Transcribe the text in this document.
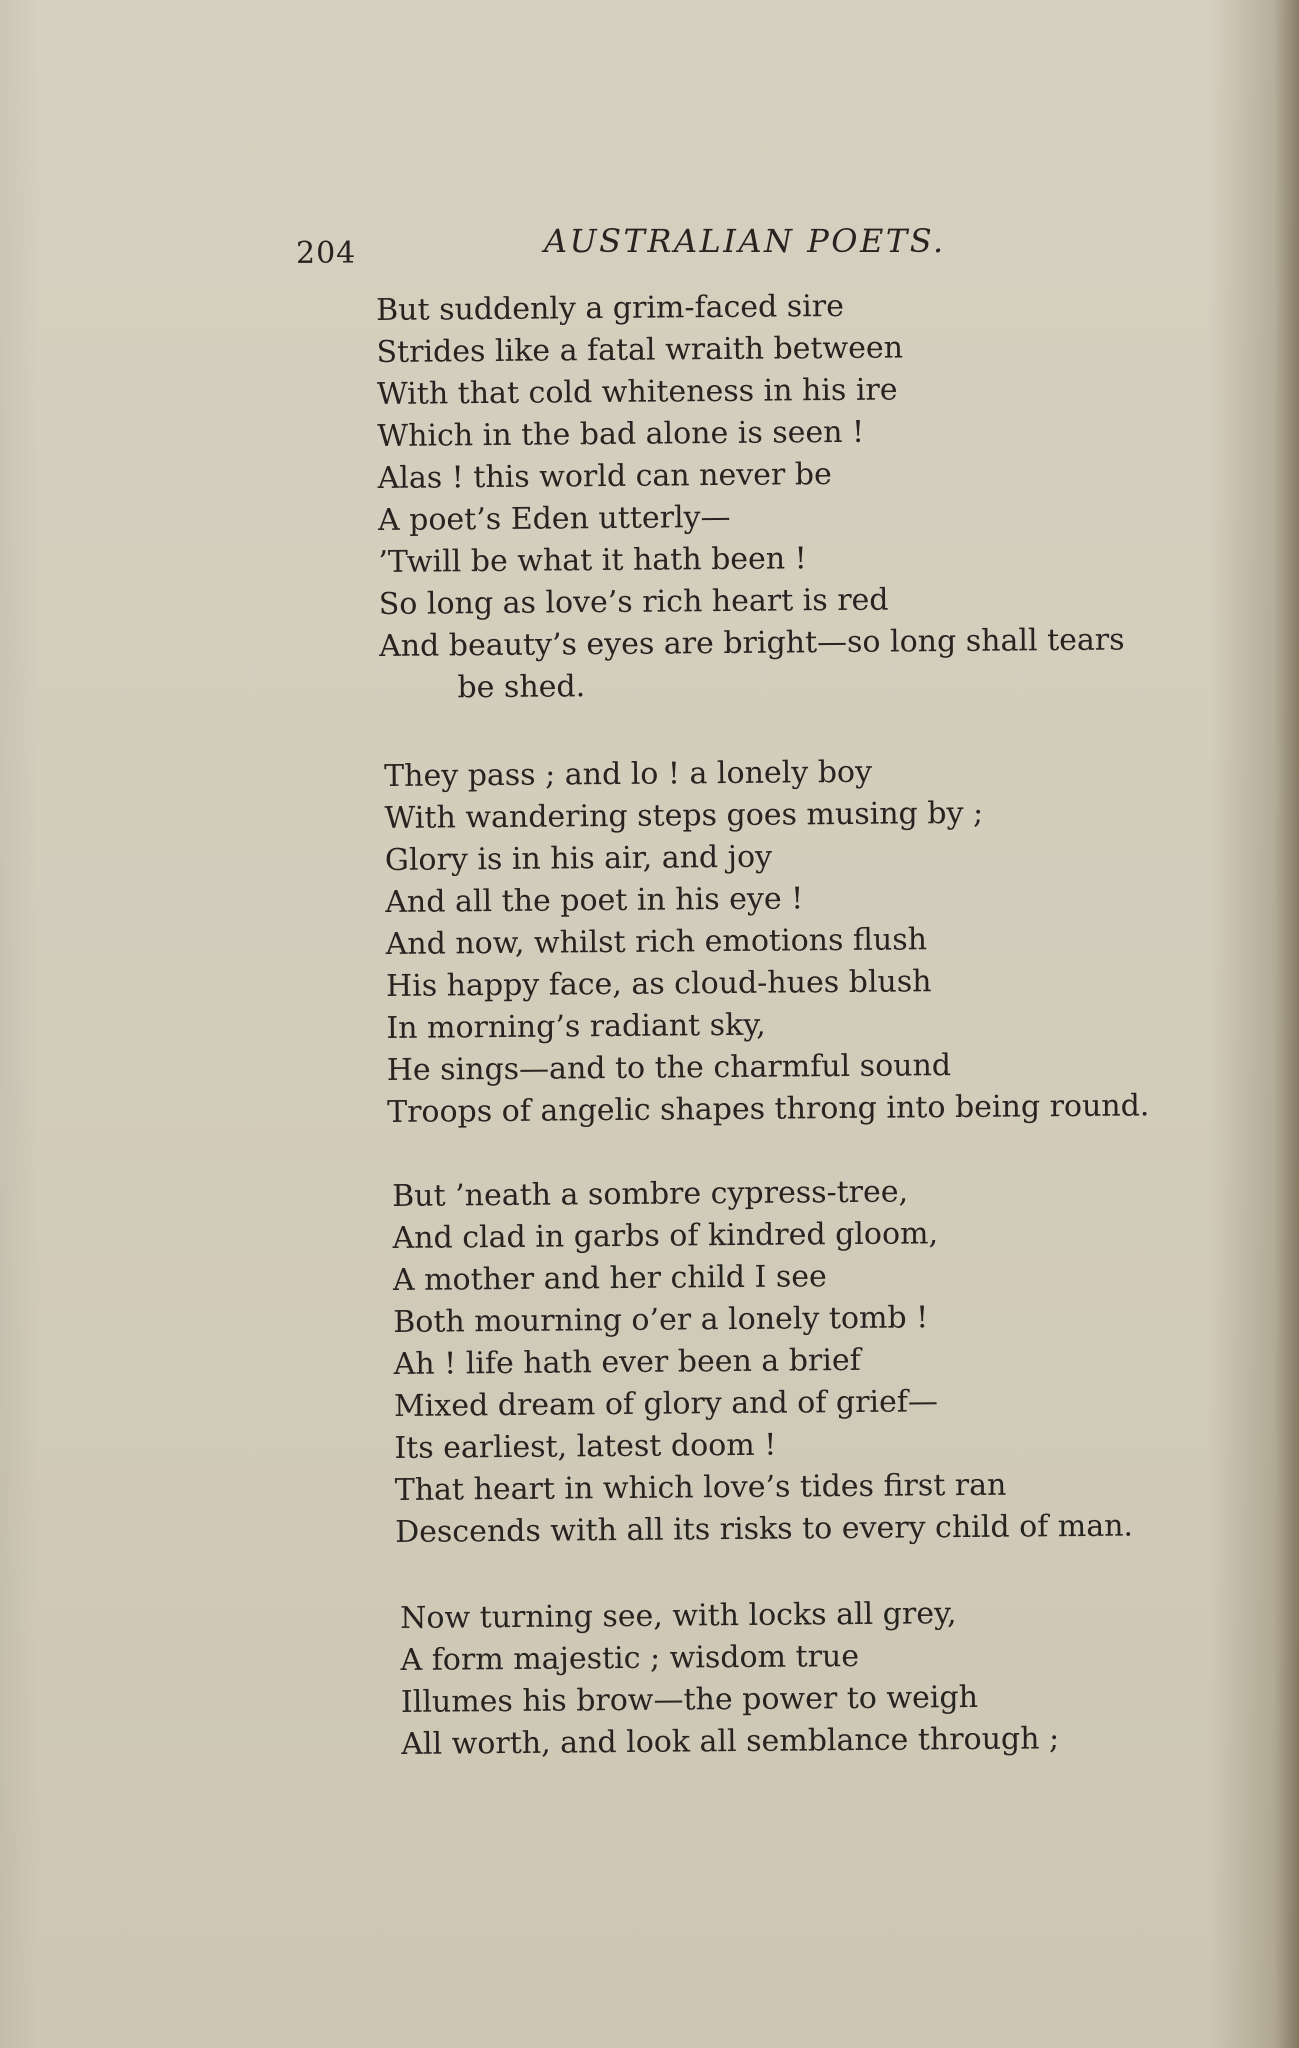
204	AUSTRALIAN POETS.
But suddenly a grim-faced sire
Strides like a fatal wraith between
With that cold whiteness in his ire
Which in the bad alone is seen !
Alas ! this world can never be
A poet’s Eden utterly—
’Twill be what it hath been !
So long as love’s rich heart is red
And beauty’s eyes are bright—so long shall tears
be shed.
They pass ; and lo ! a lonely boy
With wandering steps goes musing by ;
Glory is in his air, and joy
And all the poet in his eye !
And now, whilst rich emotions flush
His happy face, as cloud-hues blush
In morning’s radiant sky,
He sings—and to the charmful sound
Troops of angelic shapes throng into being round.
But ’neath a sombre cypress-tree,
And clad in garbs of kindred gloom,
A mother and her child I see
Both mourning o’er a lonely tomb !
Ah ! life hath ever been a brief
Mixed dream of glory and of grief—
Its earliest, latest doom !
That heart in which love’s tides first ran
Descends with all its risks to every child of man.
Now turning see, with locks all grey,
A form majestic ; wisdom true
Illumes his brow—the power to weigh
All worth, and look all semblance through ;
